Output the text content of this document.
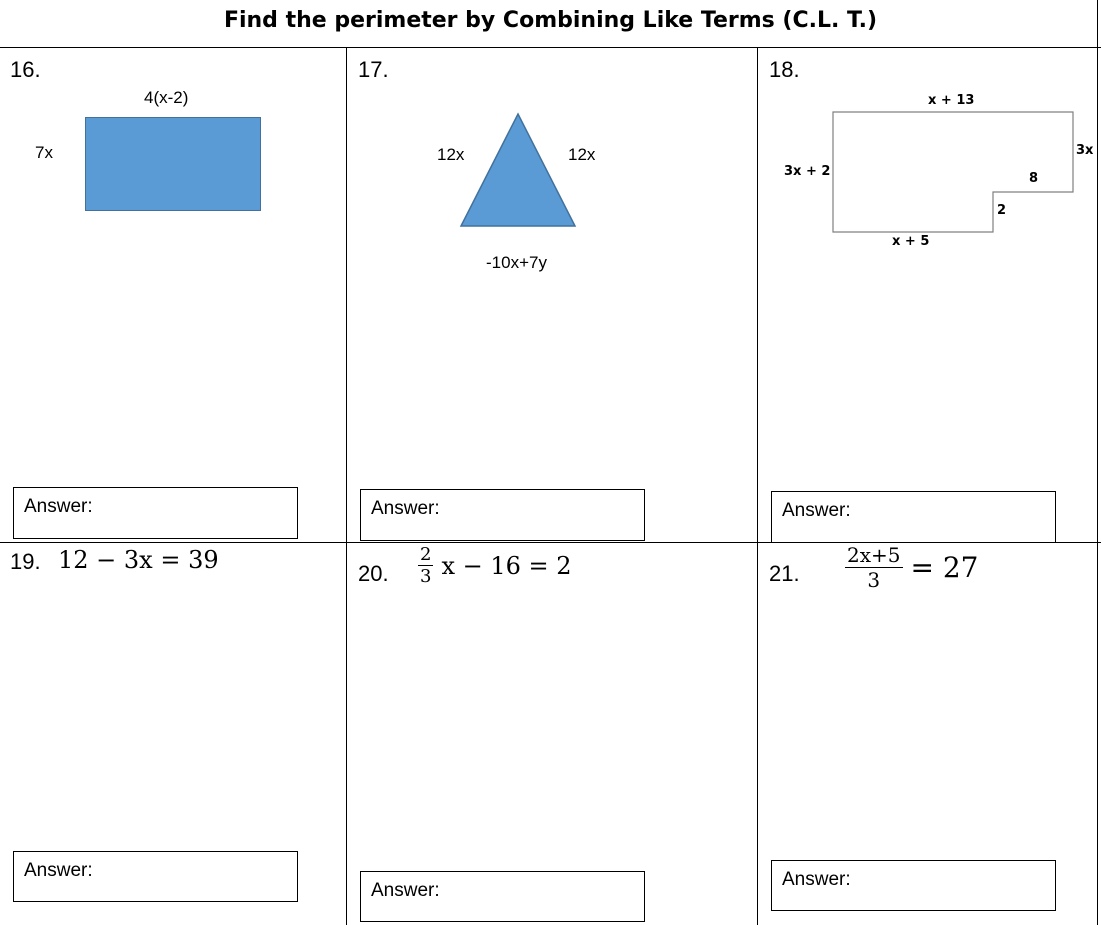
Find the perimeter by Combining Like Terms (C.L. T.)
16.
4(x-2)
7x
Answer:
17.
12x	12x
-10x+7y
Answer:
18.
x + 13
3x + 2
3x
8
2
x + 5
Answer:
19. 12 − 3x = 39
Answer:
20. $\frac{2}{3}$ x − 16 = 2
Answer:
21. $\frac{2x+5}{3} = 27$
Answer:
